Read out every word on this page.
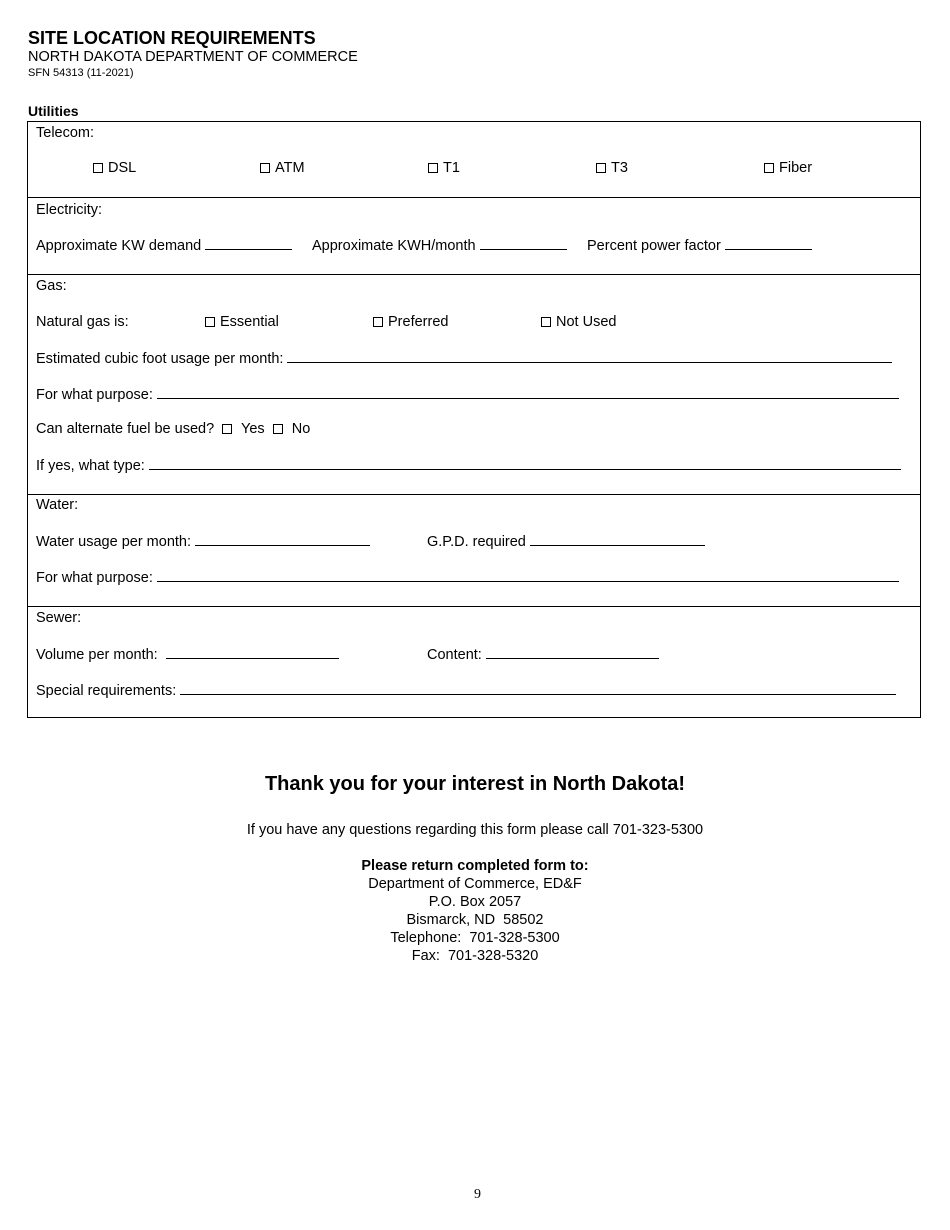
SITE LOCATION REQUIREMENTS
NORTH DAKOTA DEPARTMENT OF COMMERCE
SFN 54313 (11-2021)
Utilities
Telecom:
DSL	ATM	T1	T3	Fiber
Electricity:
Approximate KW demand	Approximate KWH/month	Percent power factor
Gas:
Natural gas is:	Essential	Preferred	Not Used
Estimated cubic foot usage per month:
For what purpose:
Can alternate fuel be used? Yes No
If yes, what type:
Water:
Water usage per month:	G.P.D. required
For what purpose:
Sewer:
Volume per month:	Content:
Special requirements:
Thank you for your interest in North Dakota!
If you have any questions regarding this form please call 701-323-5300
Please return completed form to:
Department of Commerce, ED&F
P.O. Box 2057
Bismarck, ND  58502
Telephone:  701-328-5300
Fax:  701-328-5320
9
